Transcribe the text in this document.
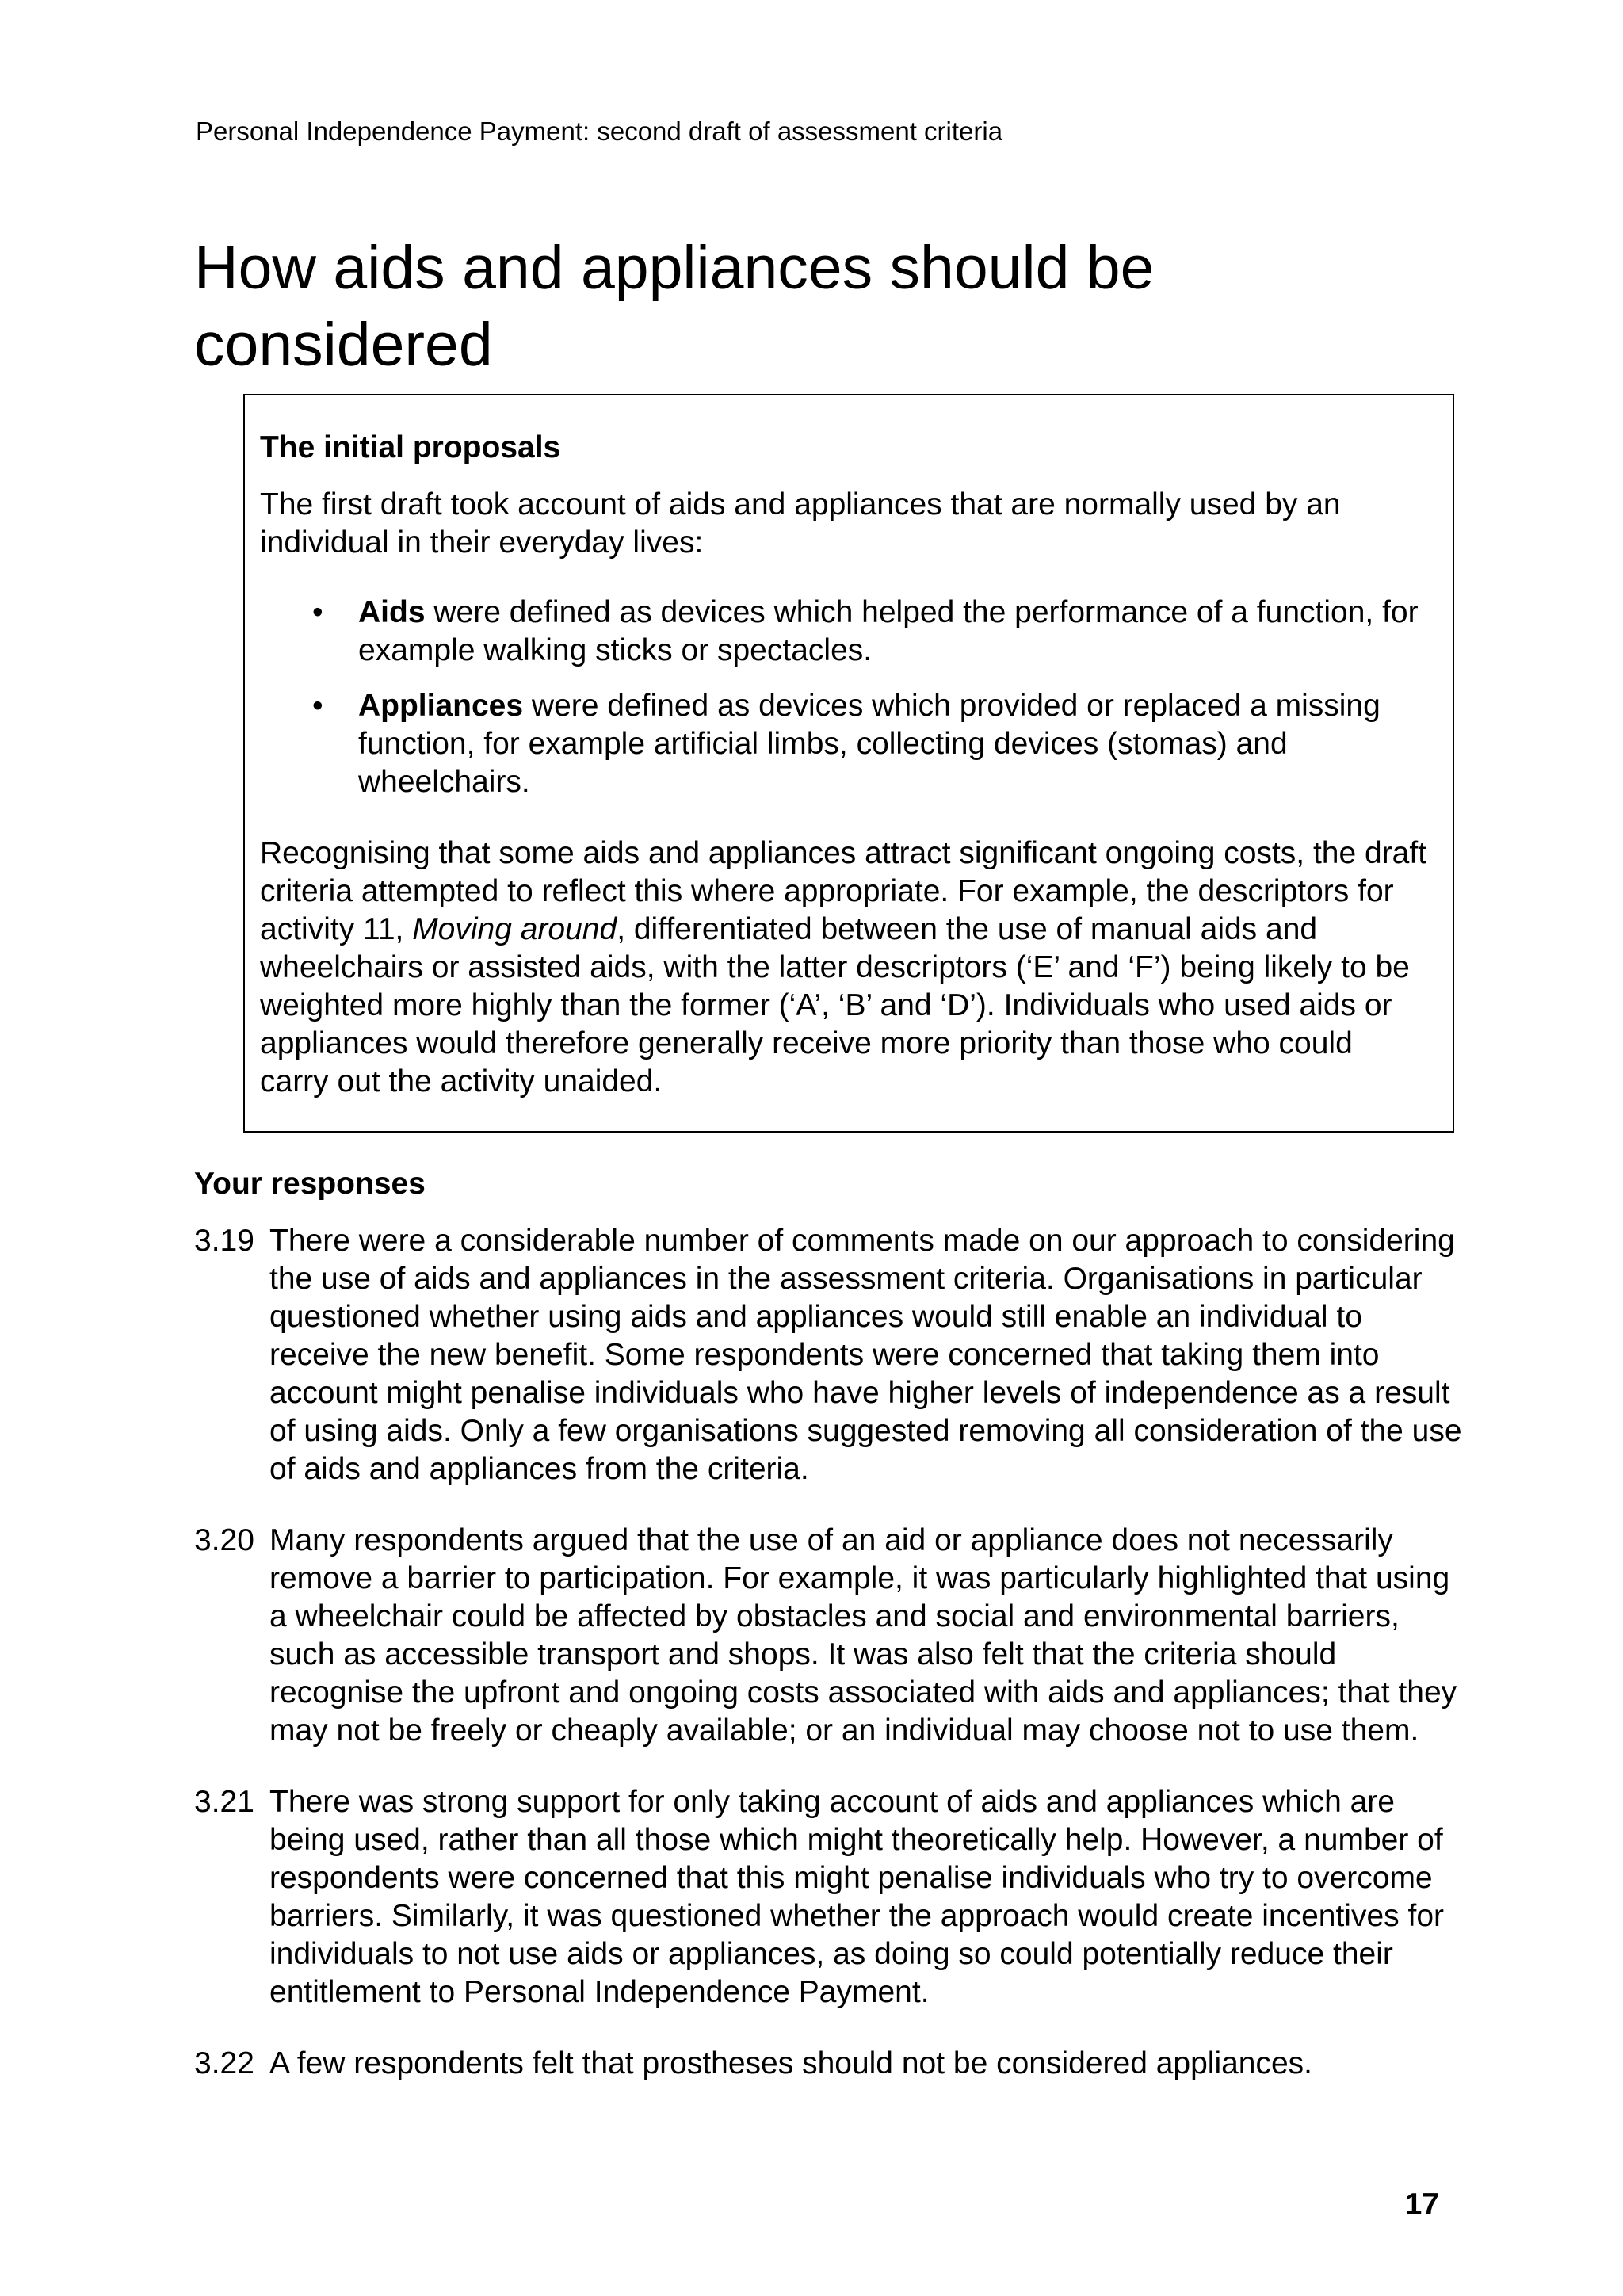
Personal Independence Payment: second draft of assessment criteria

How aids and appliances should be considered

The initial proposals

The first draft took account of aids and appliances that are normally used by an individual in their everyday lives:

• Aids were defined as devices which helped the performance of a function, for example walking sticks or spectacles.
• Appliances were defined as devices which provided or replaced a missing function, for example artificial limbs, collecting devices (stomas) and wheelchairs.

Recognising that some aids and appliances attract significant ongoing costs, the draft criteria attempted to reflect this where appropriate. For example, the descriptors for activity 11, Moving around, differentiated between the use of manual aids and wheelchairs or assisted aids, with the latter descriptors (‘E’ and ‘F’) being likely to be weighted more highly than the former (‘A’, ‘B’ and ‘D’). Individuals who used aids or appliances would therefore generally receive more priority than those who could carry out the activity unaided.

Your responses

3.19 There were a considerable number of comments made on our approach to considering the use of aids and appliances in the assessment criteria. Organisations in particular questioned whether using aids and appliances would still enable an individual to receive the new benefit. Some respondents were concerned that taking them into account might penalise individuals who have higher levels of independence as a result of using aids. Only a few organisations suggested removing all consideration of the use of aids and appliances from the criteria.
3.20 Many respondents argued that the use of an aid or appliance does not necessarily remove a barrier to participation. For example, it was particularly highlighted that using a wheelchair could be affected by obstacles and social and environmental barriers, such as accessible transport and shops. It was also felt that the criteria should recognise the upfront and ongoing costs associated with aids and appliances; that they may not be freely or cheaply available; or an individual may choose not to use them.
3.21 There was strong support for only taking account of aids and appliances which are being used, rather than all those which might theoretically help. However, a number of respondents were concerned that this might penalise individuals who try to overcome barriers. Similarly, it was questioned whether the approach would create incentives for individuals to not use aids or appliances, as doing so could potentially reduce their entitlement to Personal Independence Payment.
3.22 A few respondents felt that prostheses should not be considered appliances.

17
